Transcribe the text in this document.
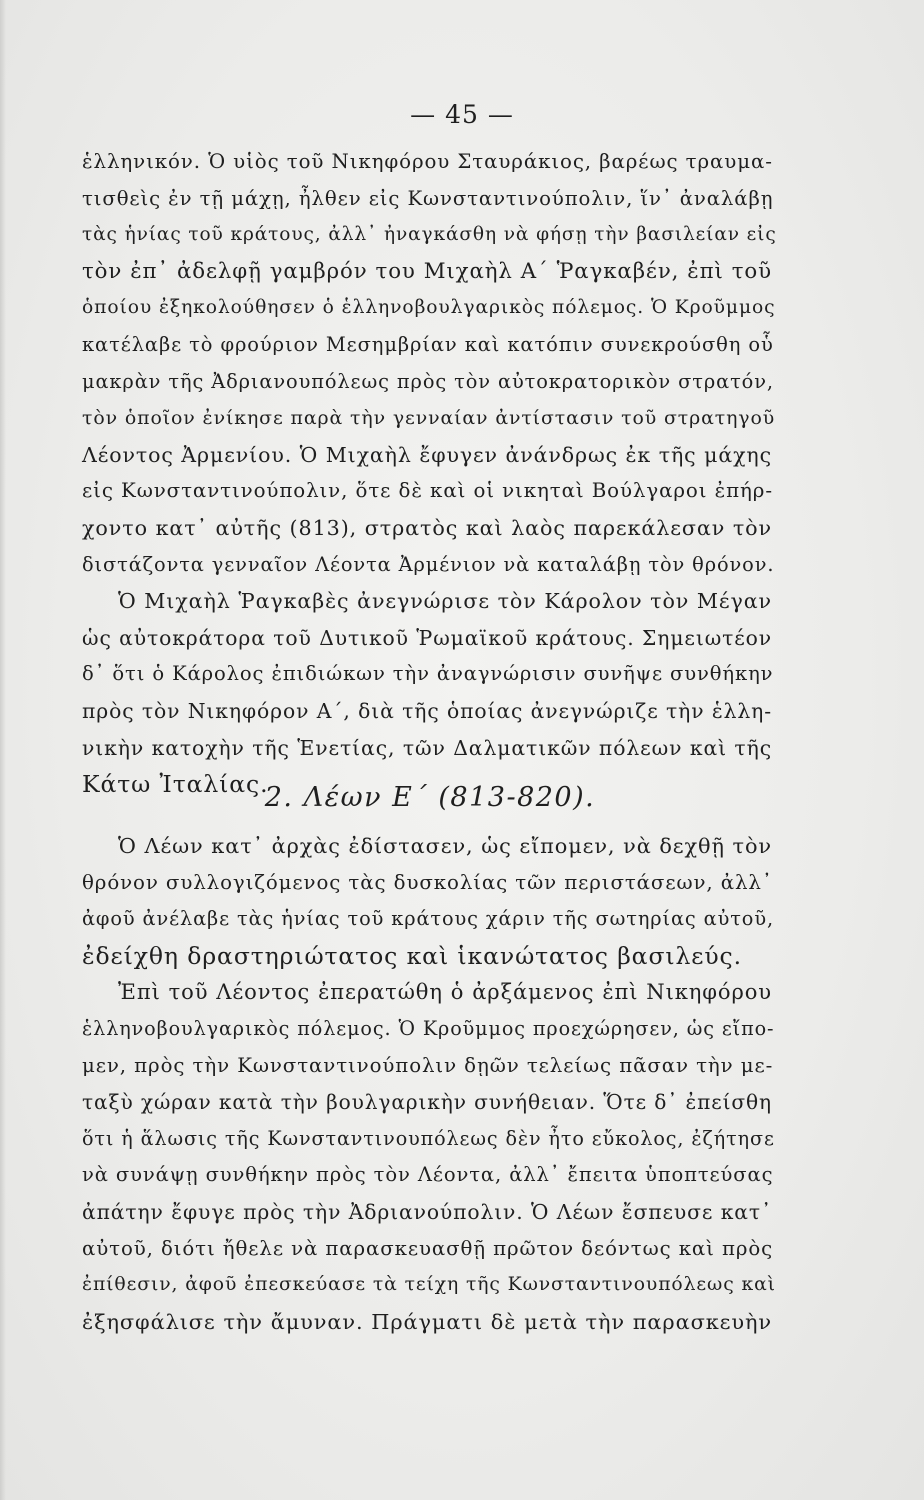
— 45 —
ἑλληνικόν. Ὁ υἱὸς τοῦ Νικηφόρου Σταυράκιος, βαρέως τραυμα-
τισθεὶς ἐν τῇ μάχῃ, ἦλθεν εἰς Κωνσταντινούπολιν, ἵν᾽ ἀναλάβῃ
τὰς ἡνίας τοῦ κράτους, ἀλλ᾽ ἠναγκάσθη νὰ φήσῃ τὴν βασιλείαν εἰς
τὸν ἐπ᾽ ἀδελφῇ γαμβρόν του Μιχαὴλ Α´ Ῥαγκαβέν, ἐπὶ τοῦ
ὁποίου ἐξηκολούθησεν ὁ ἑλληνοβουλγαρικὸς πόλεμος. Ὁ Κροῦμμος
κατέλαβε τὸ φρούριον Μεσημβρίαν καὶ κατόπιν συνεκρούσθη οὗ
μακρὰν τῆς Ἀδριανουπόλεως πρὸς τὸν αὐτοκρατορικὸν στρατόν,
τὸν ὁποῖον ἐνίκησε παρὰ τὴν γενναίαν ἀντίστασιν τοῦ στρατηγοῦ
Λέοντος Ἀρμενίου. Ὁ Μιχαὴλ ἔφυγεν ἀνάνδρως ἐκ τῆς μάχης
εἰς Κωνσταντινούπολιν, ὅτε δὲ καὶ οἱ νικηταὶ Βούλγαροι ἐπήρ-
χοντο κατ᾽ αὐτῆς (813), στρατὸς καὶ λαὸς παρεκάλεσαν τὸν
διστάζοντα γενναῖον Λέοντα Ἀρμένιον νὰ καταλάβῃ τὸν θρόνον.
Ὁ Μιχαὴλ Ῥαγκαβὲς ἀνεγνώρισε τὸν Κάρολον τὸν Μέγαν
ὡς αὐτοκράτορα τοῦ Δυτικοῦ Ῥωμαϊκοῦ κράτους. Σημειωτέον
δ᾽ ὅτι ὁ Κάρολος ἐπιδιώκων τὴν ἀναγνώρισιν συνῆψε συνθήκην
πρὸς τὸν Νικηφόρον Α´, διὰ τῆς ὁποίας ἀνεγνώριζε τὴν ἑλλη-
νικὴν κατοχὴν τῆς Ἑνετίας, τῶν Δαλματικῶν πόλεων καὶ τῆς
Κάτω Ἰταλίας.
2. Λέων Ε´ (813-820).
Ὁ Λέων κατ᾽ ἀρχὰς ἐδίστασεν, ὡς εἴπομεν, νὰ δεχθῇ τὸν
θρόνον συλλογιζόμενος τὰς δυσκολίας τῶν περιστάσεων, ἀλλ᾽
ἀφοῦ ἀνέλαβε τὰς ἡνίας τοῦ κράτους χάριν τῆς σωτηρίας αὐτοῦ,
ἐδείχθη δραστηριώτατος καὶ ἱκανώτατος βασιλεύς.
Ἐπὶ τοῦ Λέοντος ἐπερατώθη ὁ ἀρξάμενος ἐπὶ Νικηφόρου
ἑλληνοβουλγαρικὸς πόλεμος. Ὁ Κροῦμμος προεχώρησεν, ὡς εἴπο-
μεν, πρὸς τὴν Κωνσταντινούπολιν δῃῶν τελείως πᾶσαν τὴν με-
ταξὺ χώραν κατὰ τὴν βουλγαρικὴν συνήθειαν. Ὅτε δ᾽ ἐπείσθη
ὅτι ἡ ἅλωσις τῆς Κωνσταντινουπόλεως δὲν ἦτο εὔκολος, ἐζήτησε
νὰ συνάψῃ συνθήκην πρὸς τὸν Λέοντα, ἀλλ᾽ ἔπειτα ὑποπτεύσας
ἀπάτην ἔφυγε πρὸς τὴν Ἀδριανούπολιν. Ὁ Λέων ἔσπευσε κατ᾽
αὐτοῦ, διότι ἤθελε νὰ παρασκευασθῇ πρῶτον δεόντως καὶ πρὸς
ἐπίθεσιν, ἀφοῦ ἐπεσκεύασε τὰ τείχη τῆς Κωνσταντινουπόλεως καὶ
ἐξησφάλισε τὴν ἄμυναν. Πράγματι δὲ μετὰ τὴν παρασκευὴν
